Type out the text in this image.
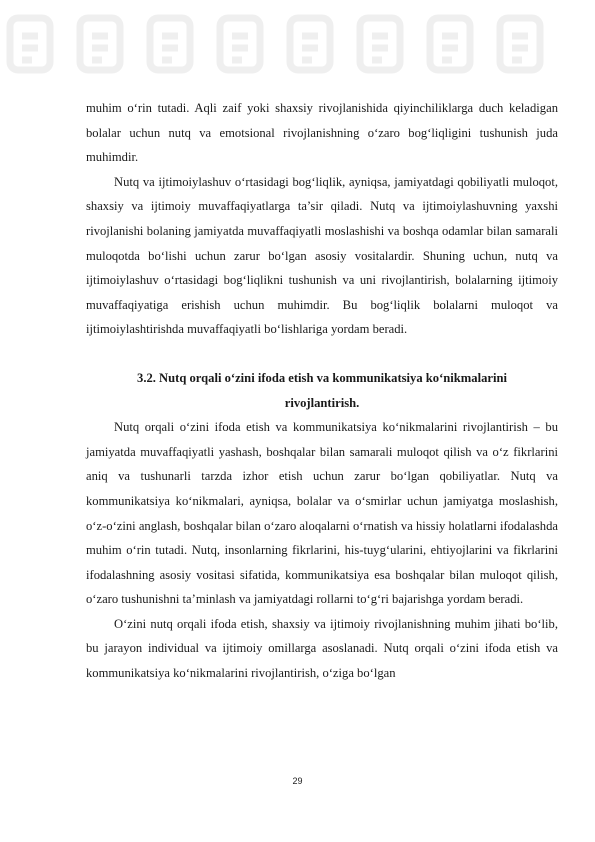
muhim o‘rin tutadi. Aqli zaif yoki shaxsiy rivojlanishida qiyinchiliklarga duch keladigan bolalar uchun nutq va emotsional rivojlanishning o‘zaro bog‘liqligini tushunish juda muhimdir.

Nutq va ijtimoiylashuv o‘rtasidagi bog‘liqlik, ayniqsa, jamiyatdagi qobiliyatli muloqot, shaxsiy va ijtimoiy muvaffaqiyatlarga ta’sir qiladi. Nutq va ijtimoiylashuvning yaxshi rivojlanishi bolaning jamiyatda muvaffaqiyatli moslashishi va boshqa odamlar bilan samarali muloqotda bo‘lishi uchun zarur bo‘lgan asosiy vositalardir. Shuning uchun, nutq va ijtimoiylashuv o‘rtasidagi bog‘liqlikni tushunish va uni rivojlantirish, bolalarning ijtimoiy muvaffaqiyatiga erishish uchun muhimdir. Bu bog‘liqlik bolalarni muloqot va ijtimoiylashtirishda muvaffaqiyatli bo‘lishlariga yordam beradi.

3.2. Nutq orqali o‘zini ifoda etish va kommunikatsiya ko‘nikmalarini rivojlantirish.

Nutq orqali o‘zini ifoda etish va kommunikatsiya ko‘nikmalarini rivojlantirish – bu jamiyatda muvaffaqiyatli yashash, boshqalar bilan samarali muloqot qilish va o‘z fikrlarini aniq va tushunarli tarzda izhor etish uchun zarur bo‘lgan qobiliyatlar. Nutq va kommunikatsiya ko‘nikmalari, ayniqsa, bolalar va o‘smirlar uchun jamiyatga moslashish, o‘z-o‘zini anglash, boshqalar bilan o‘zaro aloqalarni o‘rnatish va hissiy holatlarni ifodalashda muhim o‘rin tutadi. Nutq, insonlarning fikrlarini, his-tuyg‘ularini, ehtiyojlarini va fikrlarini ifodalashning asosiy vositasi sifatida, kommunikatsiya esa boshqalar bilan muloqot qilish, o‘zaro tushunishni ta’minlash va jamiyatdagi rollarni to‘g‘ri bajarishga yordam beradi.

O‘zini nutq orqali ifoda etish, shaxsiy va ijtimoiy rivojlanishning muhim jihati bo‘lib, bu jarayon individual va ijtimoiy omillarga asoslanadi. Nutq orqali o‘zini ifoda etish va kommunikatsiya ko‘nikmalarini rivojlantirish, o‘ziga bo‘lgan

29
